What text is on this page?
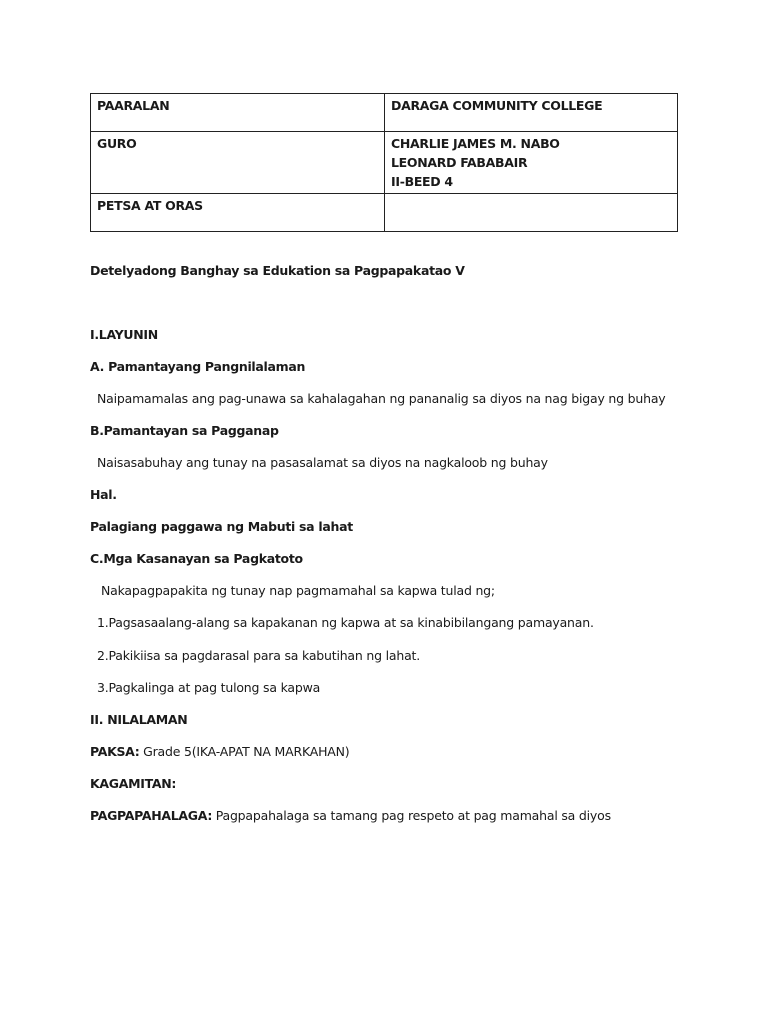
PAARALAN	DARAGA COMMUNITY COLLEGE
GURO	CHARLIE JAMES M. NABO
LEONARD FABABAIR
II-BEED 4

PETSA AT ORAS	
Detelyadong Banghay sa Edukation sa Pagpapakatao V
I.LAYUNIN
A. Pamantayang Pangnilalaman
Naipamamalas ang pag-unawa sa kahalagahan ng pananalig sa diyos na nag bigay ng buhay
B.Pamantayan sa Pagganap
Naisasabuhay ang tunay na pasasalamat sa diyos na nagkaloob ng buhay
Hal.
Palagiang paggawa ng Mabuti sa lahat
C.Mga Kasanayan sa Pagkatoto
Nakapagpapakita ng tunay nap pagmamahal sa kapwa tulad ng;
1.Pagsasaalang-alang sa kapakanan ng kapwa at sa kinabibilangang pamayanan.
2.Pakikiisa sa pagdarasal para sa kabutihan ng lahat.
3.Pagkalinga at pag tulong sa kapwa
II. NILALAMAN
PAKSA: Grade 5(IKA-APAT NA MARKAHAN)
KAGAMITAN:
PAGPAPAHALAGA: Pagpapahalaga sa tamang pag respeto at pag mamahal sa diyos
